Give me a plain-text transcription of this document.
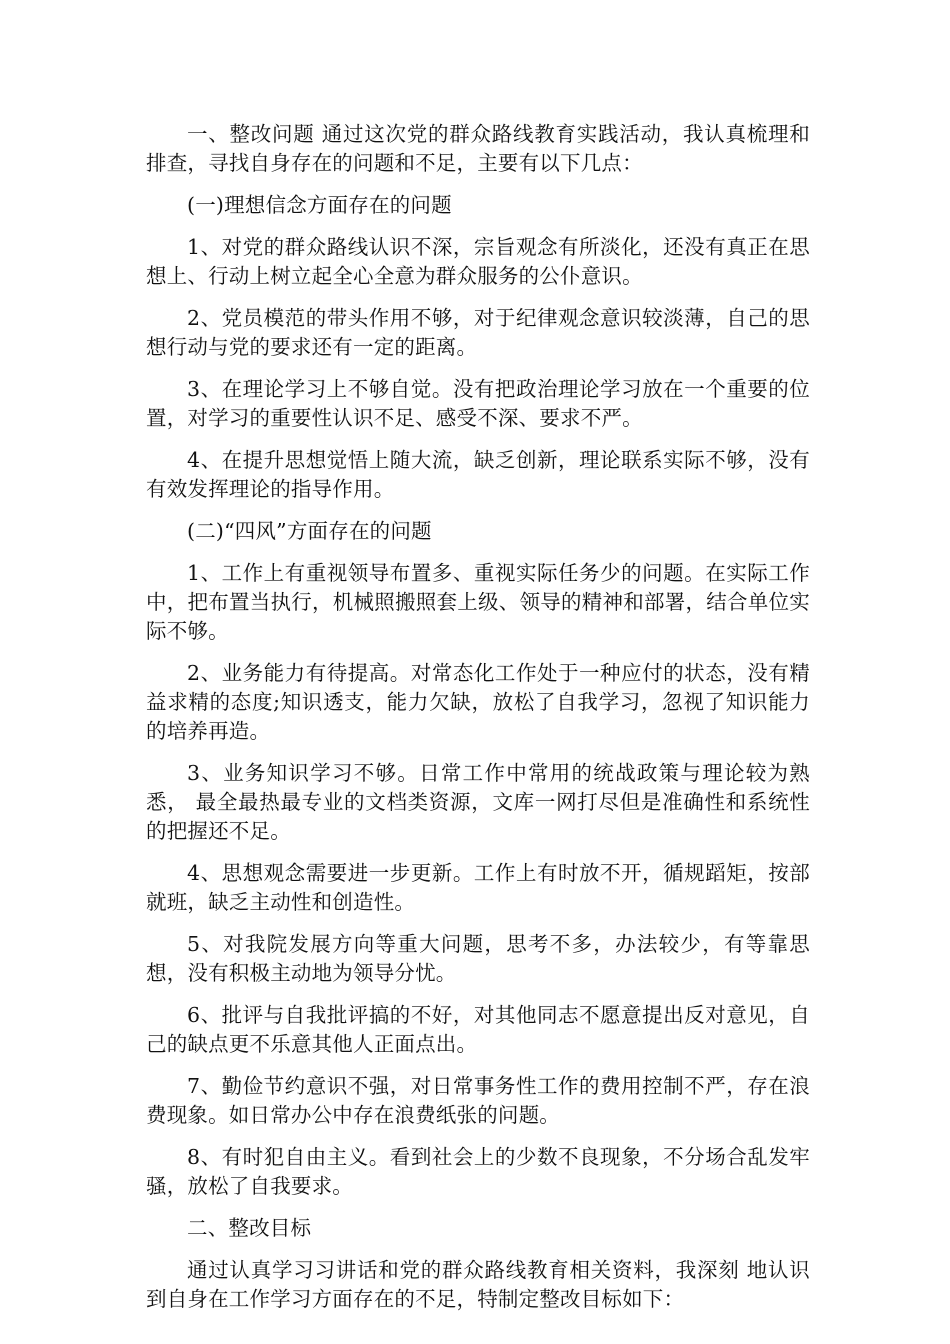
一、整改问题 通过这次党的群众路线教育实践活动，我认真梳理和排查，寻找自身存在的问题和不足，主要有以下几点：

(一)理想信念方面存在的问题

1、对党的群众路线认识不深，宗旨观念有所淡化，还没有真正在思想上、行动上树立起全心全意为群众服务的公仆意识。

2、党员模范的带头作用不够，对于纪律观念意识较淡薄，自己的思想行动与党的要求还有一定的距离。

3、在理论学习上不够自觉。没有把政治理论学习放在一个重要的位置，对学习的重要性认识不足、感受不深、要求不严。

4、在提升思想觉悟上随大流，缺乏创新，理论联系实际不够，没有有效发挥理论的指导作用。

(二)“四风”方面存在的问题

1、工作上有重视领导布置多、重视实际任务少的问题。在实际工作中，把布置当执行，机械照搬照套上级、领导的精神和部署，结合单位实际不够。

2、业务能力有待提高。对常态化工作处于一种应付的状态，没有精益求精的态度;知识透支，能力欠缺，放松了自我学习，忽视了知识能力的培养再造。

3、业务知识学习不够。日常工作中常用的统战政策与理论较为熟悉， 最全最热最专业的文档类资源，文库一网打尽但是准确性和系统性的把握还不足。

4、思想观念需要进一步更新。工作上有时放不开，循规蹈矩，按部就班，缺乏主动性和创造性。

5、对我院发展方向等重大问题，思考不多，办法较少，有等靠思想，没有积极主动地为领导分忧。

6、批评与自我批评搞的不好，对其他同志不愿意提出反对意见，自己的缺点更不乐意其他人正面点出。

7、勤俭节约意识不强，对日常事务性工作的费用控制不严，存在浪费现象。如日常办公中存在浪费纸张的问题。

8、有时犯自由主义。看到社会上的少数不良现象，不分场合乱发牢骚，放松了自我要求。

二、整改目标

通过认真学习习讲话和党的群众路线教育相关资料，我深刻 地认识到自身在工作学习方面存在的不足，特制定整改目标如下：
